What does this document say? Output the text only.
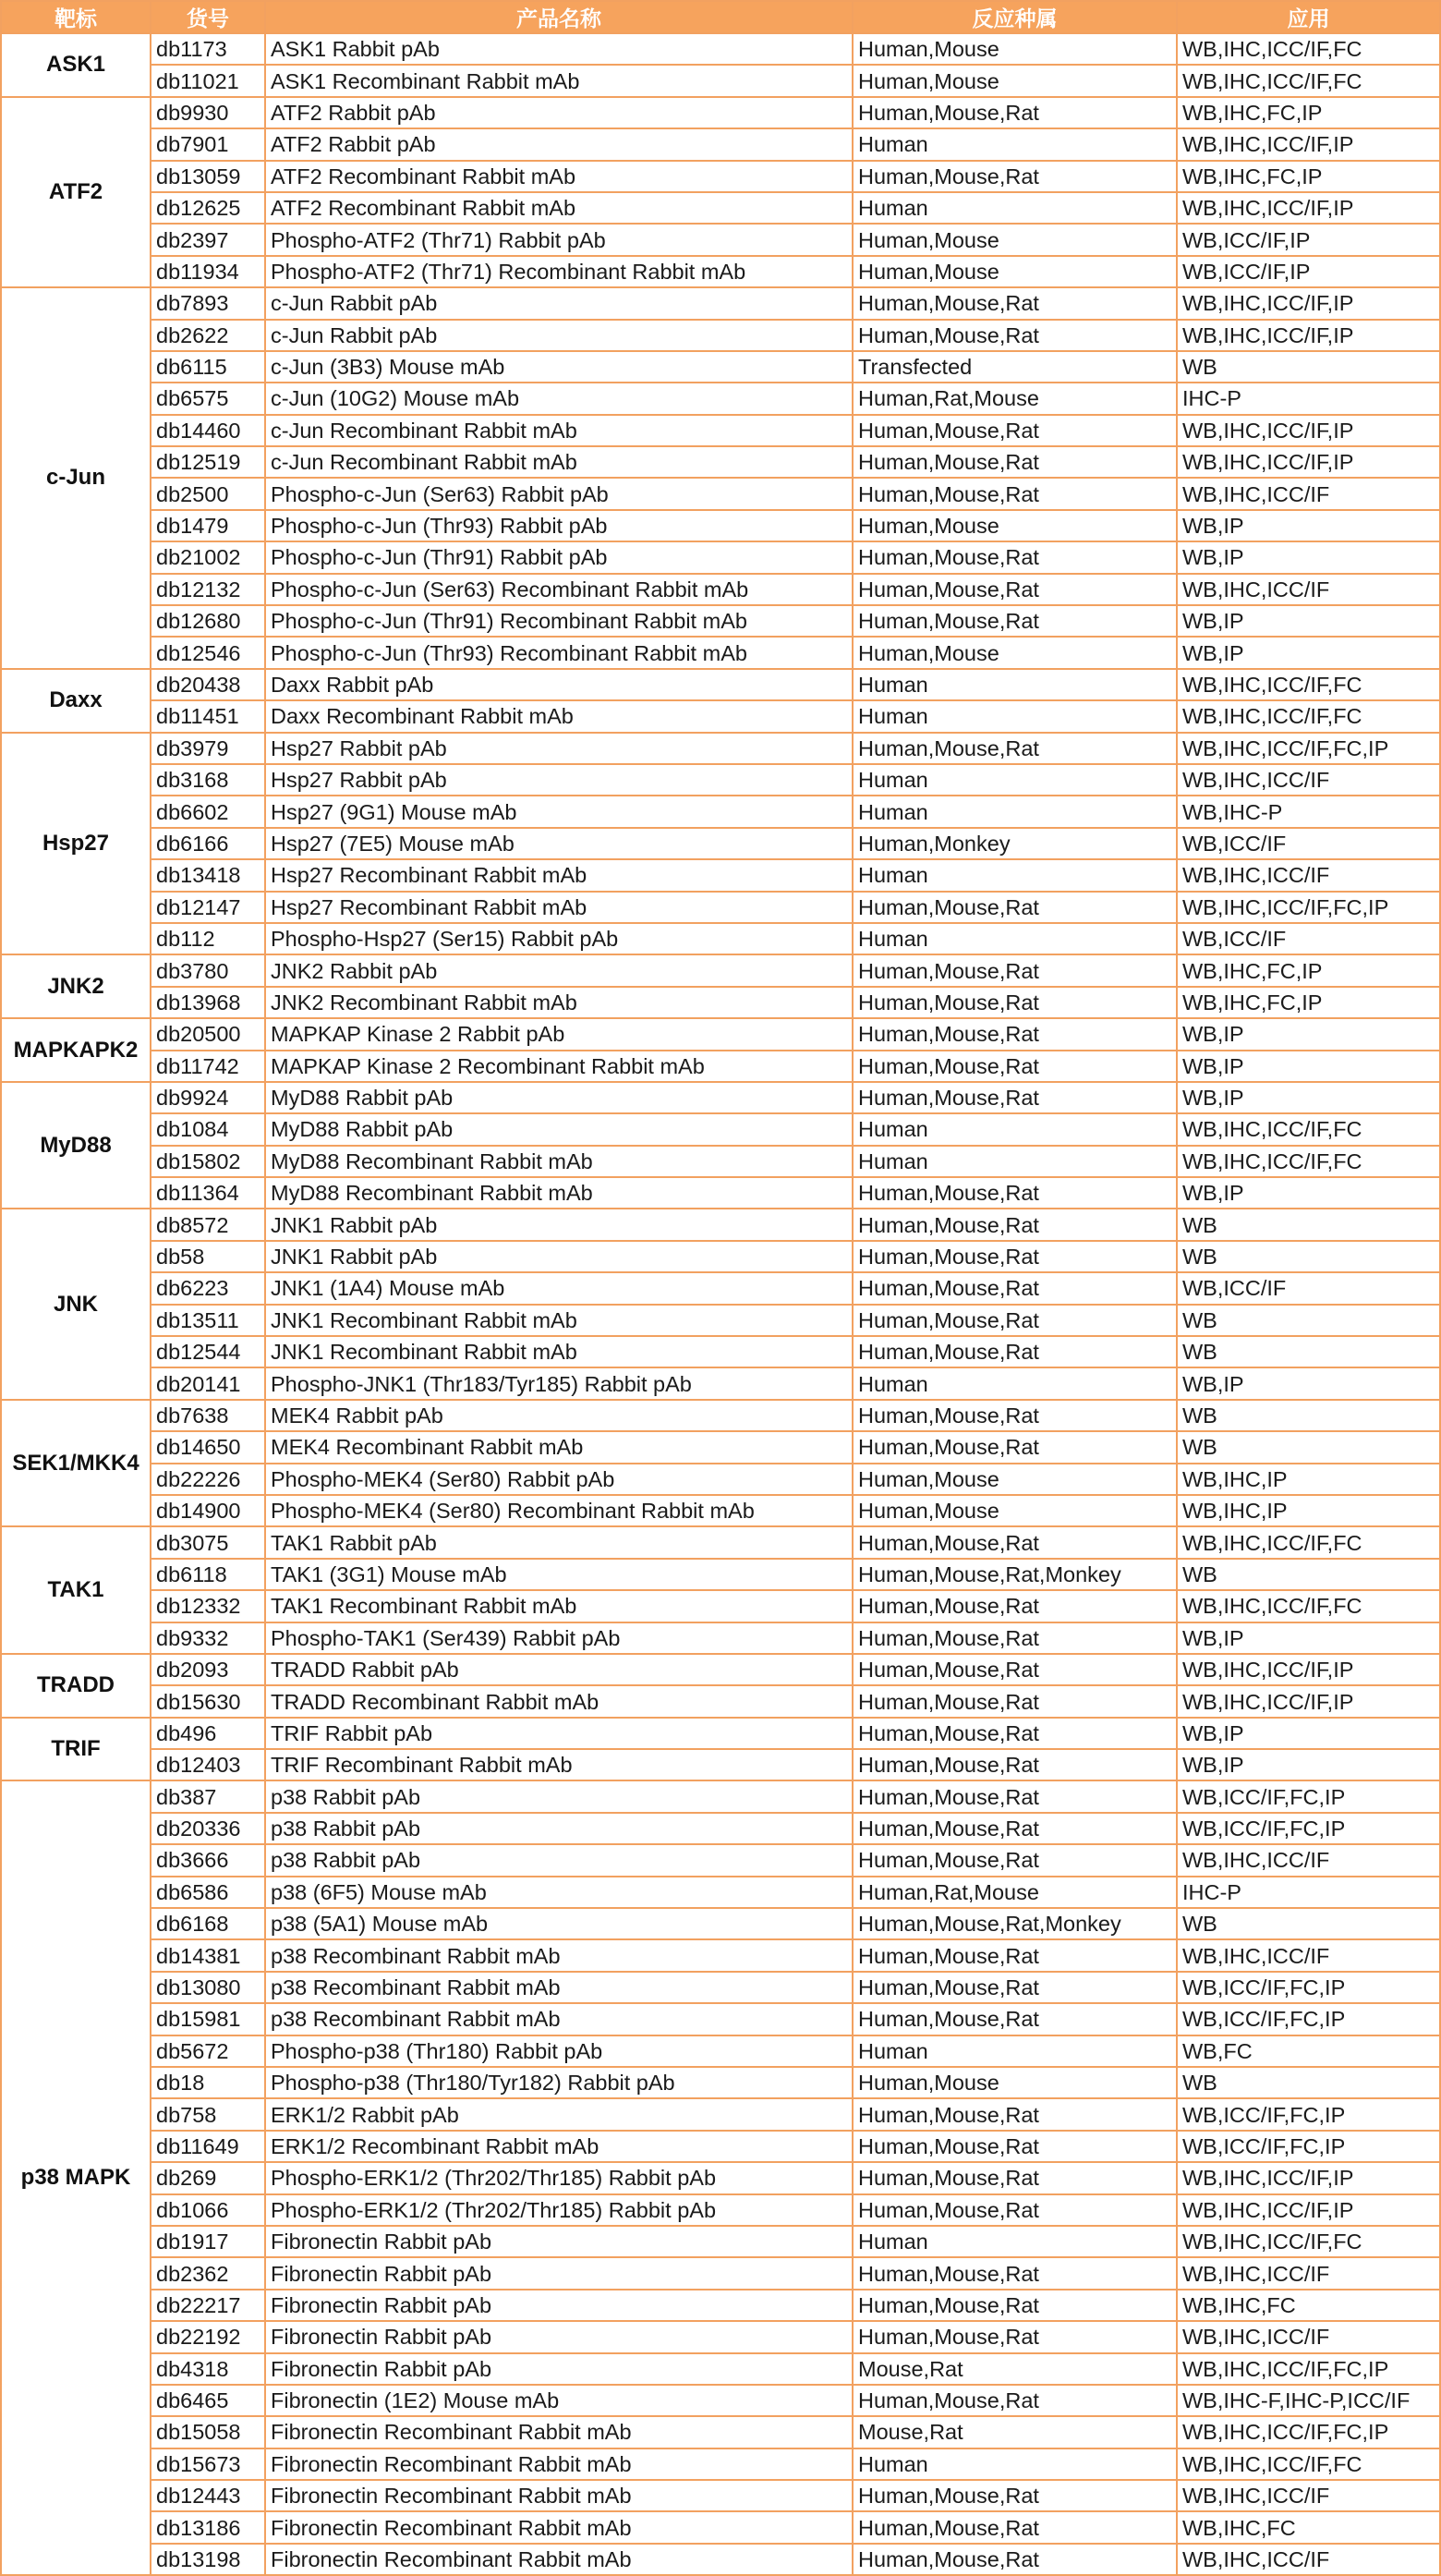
靶标	货号	产品名称	反应种属	应用
ASK1	db1173	ASK1 Rabbit pAb	Human,Mouse	WB,IHC,ICC/IF,FC
	db11021	ASK1 Recombinant Rabbit mAb	Human,Mouse	WB,IHC,ICC/IF,FC
ATF2	db9930	ATF2 Rabbit pAb	Human,Mouse,Rat	WB,IHC,FC,IP
	db7901	ATF2 Rabbit pAb	Human	WB,IHC,ICC/IF,IP
	db13059	ATF2 Recombinant Rabbit mAb	Human,Mouse,Rat	WB,IHC,FC,IP
	db12625	ATF2 Recombinant Rabbit mAb	Human	WB,IHC,ICC/IF,IP
	db2397	Phospho-ATF2 (Thr71) Rabbit pAb	Human,Mouse	WB,ICC/IF,IP
	db11934	Phospho-ATF2 (Thr71) Recombinant Rabbit mAb	Human,Mouse	WB,ICC/IF,IP
c-Jun	db7893	c-Jun Rabbit pAb	Human,Mouse,Rat	WB,IHC,ICC/IF,IP
	db2622	c-Jun Rabbit pAb	Human,Mouse,Rat	WB,IHC,ICC/IF,IP
	db6115	c-Jun (3B3) Mouse mAb	Transfected	WB
	db6575	c-Jun (10G2) Mouse mAb	Human,Rat,Mouse	IHC-P
	db14460	c-Jun Recombinant Rabbit mAb	Human,Mouse,Rat	WB,IHC,ICC/IF,IP
	db12519	c-Jun Recombinant Rabbit mAb	Human,Mouse,Rat	WB,IHC,ICC/IF,IP
	db2500	Phospho-c-Jun (Ser63) Rabbit pAb	Human,Mouse,Rat	WB,IHC,ICC/IF
	db1479	Phospho-c-Jun (Thr93) Rabbit pAb	Human,Mouse	WB,IP
	db21002	Phospho-c-Jun (Thr91) Rabbit pAb	Human,Mouse,Rat	WB,IP
	db12132	Phospho-c-Jun (Ser63) Recombinant Rabbit mAb	Human,Mouse,Rat	WB,IHC,ICC/IF
	db12680	Phospho-c-Jun (Thr91) Recombinant Rabbit mAb	Human,Mouse,Rat	WB,IP
	db12546	Phospho-c-Jun (Thr93) Recombinant Rabbit mAb	Human,Mouse	WB,IP
Daxx	db20438	Daxx Rabbit pAb	Human	WB,IHC,ICC/IF,FC
	db11451	Daxx Recombinant Rabbit mAb	Human	WB,IHC,ICC/IF,FC
Hsp27	db3979	Hsp27 Rabbit pAb	Human,Mouse,Rat	WB,IHC,ICC/IF,FC,IP
	db3168	Hsp27 Rabbit pAb	Human	WB,IHC,ICC/IF
	db6602	Hsp27 (9G1) Mouse mAb	Human	WB,IHC-P
	db6166	Hsp27 (7E5) Mouse mAb	Human,Monkey	WB,ICC/IF
	db13418	Hsp27 Recombinant Rabbit mAb	Human	WB,IHC,ICC/IF
	db12147	Hsp27 Recombinant Rabbit mAb	Human,Mouse,Rat	WB,IHC,ICC/IF,FC,IP
	db112	Phospho-Hsp27 (Ser15) Rabbit pAb	Human	WB,ICC/IF
JNK2	db3780	JNK2 Rabbit pAb	Human,Mouse,Rat	WB,IHC,FC,IP
	db13968	JNK2 Recombinant Rabbit mAb	Human,Mouse,Rat	WB,IHC,FC,IP
MAPKAPK2	db20500	MAPKAP Kinase 2 Rabbit pAb	Human,Mouse,Rat	WB,IP
	db11742	MAPKAP Kinase 2 Recombinant Rabbit mAb	Human,Mouse,Rat	WB,IP
MyD88	db9924	MyD88 Rabbit pAb	Human,Mouse,Rat	WB,IP
	db1084	MyD88 Rabbit pAb	Human	WB,IHC,ICC/IF,FC
	db15802	MyD88 Recombinant Rabbit mAb	Human	WB,IHC,ICC/IF,FC
	db11364	MyD88 Recombinant Rabbit mAb	Human,Mouse,Rat	WB,IP
JNK	db8572	JNK1 Rabbit pAb	Human,Mouse,Rat	WB
	db58	JNK1 Rabbit pAb	Human,Mouse,Rat	WB
	db6223	JNK1 (1A4) Mouse mAb	Human,Mouse,Rat	WB,ICC/IF
	db13511	JNK1 Recombinant Rabbit mAb	Human,Mouse,Rat	WB
	db12544	JNK1 Recombinant Rabbit mAb	Human,Mouse,Rat	WB
	db20141	Phospho-JNK1 (Thr183/Tyr185) Rabbit pAb	Human	WB,IP
SEK1/MKK4	db7638	MEK4 Rabbit pAb	Human,Mouse,Rat	WB
	db14650	MEK4 Recombinant Rabbit mAb	Human,Mouse,Rat	WB
	db22226	Phospho-MEK4 (Ser80) Rabbit pAb	Human,Mouse	WB,IHC,IP
	db14900	Phospho-MEK4 (Ser80) Recombinant Rabbit mAb	Human,Mouse	WB,IHC,IP
TAK1	db3075	TAK1 Rabbit pAb	Human,Mouse,Rat	WB,IHC,ICC/IF,FC
	db6118	TAK1 (3G1) Mouse mAb	Human,Mouse,Rat,Monkey	WB
	db12332	TAK1 Recombinant Rabbit mAb	Human,Mouse,Rat	WB,IHC,ICC/IF,FC
	db9332	Phospho-TAK1 (Ser439) Rabbit pAb	Human,Mouse,Rat	WB,IP
TRADD	db2093	TRADD Rabbit pAb	Human,Mouse,Rat	WB,IHC,ICC/IF,IP
	db15630	TRADD Recombinant Rabbit mAb	Human,Mouse,Rat	WB,IHC,ICC/IF,IP
TRIF	db496	TRIF Rabbit pAb	Human,Mouse,Rat	WB,IP
	db12403	TRIF Recombinant Rabbit mAb	Human,Mouse,Rat	WB,IP
p38 MAPK	db387	p38 Rabbit pAb	Human,Mouse,Rat	WB,ICC/IF,FC,IP
	db20336	p38 Rabbit pAb	Human,Mouse,Rat	WB,ICC/IF,FC,IP
	db3666	p38 Rabbit pAb	Human,Mouse,Rat	WB,IHC,ICC/IF
	db6586	p38 (6F5) Mouse mAb	Human,Rat,Mouse	IHC-P
	db6168	p38 (5A1) Mouse mAb	Human,Mouse,Rat,Monkey	WB
	db14381	p38 Recombinant Rabbit mAb	Human,Mouse,Rat	WB,IHC,ICC/IF
	db13080	p38 Recombinant Rabbit mAb	Human,Mouse,Rat	WB,ICC/IF,FC,IP
	db15981	p38 Recombinant Rabbit mAb	Human,Mouse,Rat	WB,ICC/IF,FC,IP
	db5672	Phospho-p38 (Thr180) Rabbit pAb	Human	WB,FC
	db18	Phospho-p38 (Thr180/Tyr182) Rabbit pAb	Human,Mouse	WB
	db758	ERK1/2 Rabbit pAb	Human,Mouse,Rat	WB,ICC/IF,FC,IP
	db11649	ERK1/2 Recombinant Rabbit mAb	Human,Mouse,Rat	WB,ICC/IF,FC,IP
	db269	Phospho-ERK1/2 (Thr202/Thr185) Rabbit pAb	Human,Mouse,Rat	WB,IHC,ICC/IF,IP
	db1066	Phospho-ERK1/2 (Thr202/Thr185) Rabbit pAb	Human,Mouse,Rat	WB,IHC,ICC/IF,IP
	db1917	Fibronectin Rabbit pAb	Human	WB,IHC,ICC/IF,FC
	db2362	Fibronectin Rabbit pAb	Human,Mouse,Rat	WB,IHC,ICC/IF
	db22217	Fibronectin Rabbit pAb	Human,Mouse,Rat	WB,IHC,FC
	db22192	Fibronectin Rabbit pAb	Human,Mouse,Rat	WB,IHC,ICC/IF
	db4318	Fibronectin Rabbit pAb	Mouse,Rat	WB,IHC,ICC/IF,FC,IP
	db6465	Fibronectin (1E2) Mouse mAb	Human,Mouse,Rat	WB,IHC-F,IHC-P,ICC/IF
	db15058	Fibronectin Recombinant Rabbit mAb	Mouse,Rat	WB,IHC,ICC/IF,FC,IP
	db15673	Fibronectin Recombinant Rabbit mAb	Human	WB,IHC,ICC/IF,FC
	db12443	Fibronectin Recombinant Rabbit mAb	Human,Mouse,Rat	WB,IHC,ICC/IF
	db13186	Fibronectin Recombinant Rabbit mAb	Human,Mouse,Rat	WB,IHC,FC
	db13198	Fibronectin Recombinant Rabbit mAb	Human,Mouse,Rat	WB,IHC,ICC/IF
